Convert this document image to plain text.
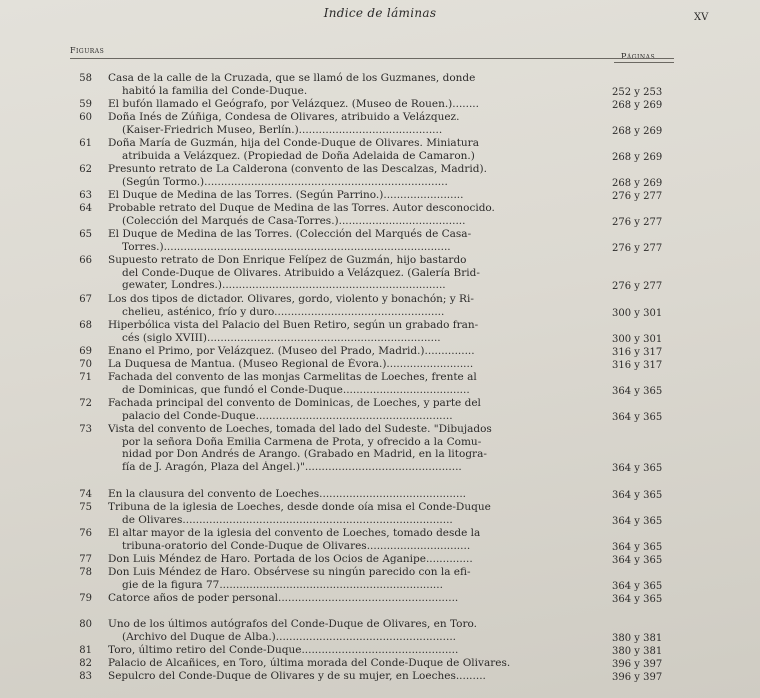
Indice de láminas	XV
Figuras
Páginas
58 Casa de la calle de la Cruzada, que se llamó de los Guzmanes, donde
habitó la familia del Conde-Duque.	252 y 253
59 El bufón llamado el Geógrafo, por Velázquez. (Museo de Rouen.)........	268 y 269
60 Doña Inés de Zúñiga, Condesa de Olivares, atribuido a Velázquez.
(Kaiser-Friedrich Museo, Berlín.)...........................................	268 y 269
61 Doña María de Guzmán, hija del Conde-Duque de Olivares. Miniatura
atribuida a Velázquez. (Propiedad de Doña Adelaida de Camaron.)	268 y 269
62 Presunto retrato de La Calderona (convento de las Descalzas, Madrid).
(Según Tormo.).........................................................................	268 y 269
63 El Duque de Medina de las Torres. (Según Parrino.)........................	276 y 277
64 Probable retrato del Duque de Medina de las Torres. Autor desconocido.
(Colección del Marqués de Casa-Torres.)......................................	276 y 277
65 El Duque de Medina de las Torres. (Colección del Marqués de Casa-
Torres.)......................................................................................	276 y 277
66 Supuesto retrato de Don Enrique Felípez de Guzmán, hijo bastardo
del Conde-Duque de Olivares. Atribuido a Velázquez. (Galería Brid-
gewater, Londres.)...................................................................	276 y 277
67 Los dos tipos de dictador. Olivares, gordo, violento y bonachón; y Ri-
chelieu, asténico, frío y duro...................................................	300 y 301
68 Hiperbólica vista del Palacio del Buen Retiro, según un grabado fran-
cés (siglo XVIII)......................................................................	300 y 301
69 Enano el Primo, por Velázquez. (Museo del Prado, Madrid.)...............	316 y 317
70 La Duquesa de Mantua. (Museo Regional de Évora.)..........................	316 y 317
71 Fachada del convento de las monjas Carmelitas de Loeches, frente al
de Dominicas, que fundó el Conde-Duque......................................	364 y 365
72 Fachada principal del convento de Dominicas, de Loeches, y parte del
palacio del Conde-Duque...........................................................	364 y 365
73 Vista del convento de Loeches, tomada del lado del Sudeste. "Dibujados
por la señora Doña Emilia Carmena de Prota, y ofrecido a la Comu-
nidad por Don Andrés de Arango. (Grabado en Madrid, en la litogra-
fía de J. Aragón, Plaza del Ángel.)"...............................................	364 y 365
74 En la clausura del convento de Loeches............................................	364 y 365
75 Tribuna de la iglesia de Loeches, desde donde oía misa el Conde-Duque
de Olivares.................................................................................	364 y 365
76 El altar mayor de la iglesia del convento de Loeches, tomado desde la
tribuna-oratorio del Conde-Duque de Olivares...............................	364 y 365
77 Don Luis Méndez de Haro. Portada de los Ocios de Aganipe..............	364 y 365
78 Don Luis Méndez de Haro. Obsérvese su ningún parecido con la efi-
gie de la figura 77...................................................................	364 y 365
79 Catorce años de poder personal......................................................	364 y 365
80 Uno de los últimos autógrafos del Conde-Duque de Olivares, en Toro.
(Archivo del Duque de Alba.)......................................................	380 y 381
81 Toro, último retiro del Conde-Duque...............................................	380 y 381
82 Palacio de Alcañices, en Toro, última morada del Conde-Duque de Olivares.	396 y 397
83 Sepulcro del Conde-Duque de Olivares y de su mujer, en Loeches.........	396 y 397
